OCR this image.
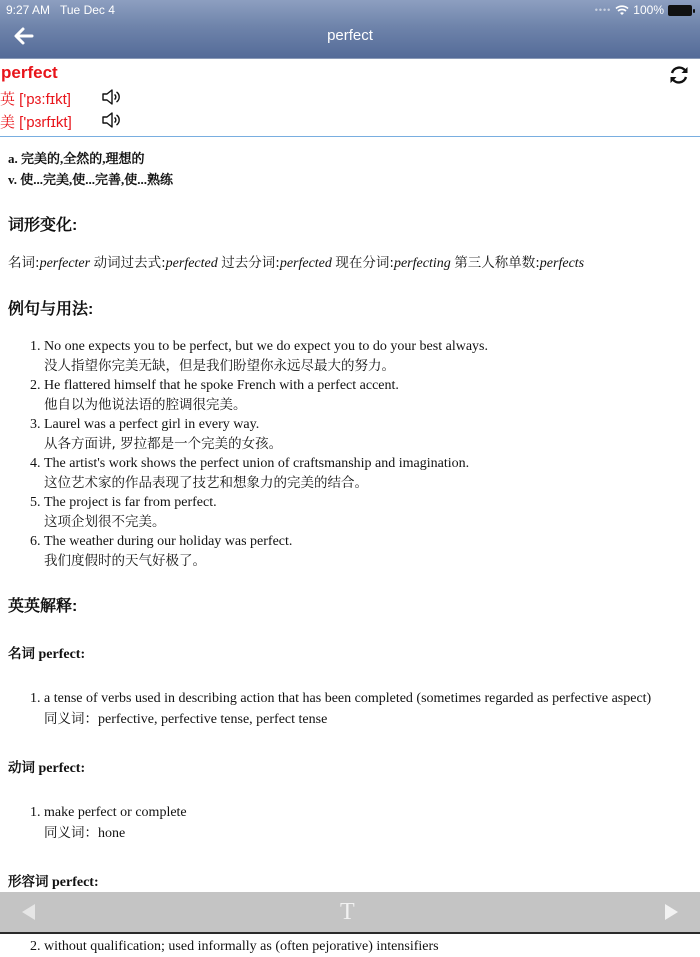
9:27 AM Tue Dec 4	•••• 100%
perfect
perfect
英 ['pɜ:fɪkt]
美 ['pɜrfɪkt]
a. 完美的,全然的,理想的
v. 使...完美,使...完善,使...熟练
词形变化:
名词:perfecter 动词过去式:perfected 过去分词:perfected 现在分词:perfecting 第三人称单数:perfects
例句与用法:
1. No one expects you to be perfect, but we do expect you to do your best always.
没人指望你完美无缺，但是我们盼望你永远尽最大的努力。
2. He flattered himself that he spoke French with a perfect accent.
他自以为他说法语的腔调很完美。
3. Laurel was a perfect girl in every way.
从各方面讲, 罗拉都是一个完美的女孩。
4. The artist's work shows the perfect union of craftsmanship and imagination.
这位艺术家的作品表现了技艺和想象力的完美的结合。
5. The project is far from perfect.
这项企划很不完美。
6. The weather during our holiday was perfect.
我们度假时的天气好极了。
英英解释:
名词 perfect:
1. a tense of verbs used in describing action that has been completed (sometimes regarded as perfective aspect)
同义词：perfective, perfective tense, perfect tense
动词 perfect:
1. make perfect or complete
同义词：hone
形容词 perfect:
1.
2. without qualification; used informally as (often pejorative) intensifiers
T
